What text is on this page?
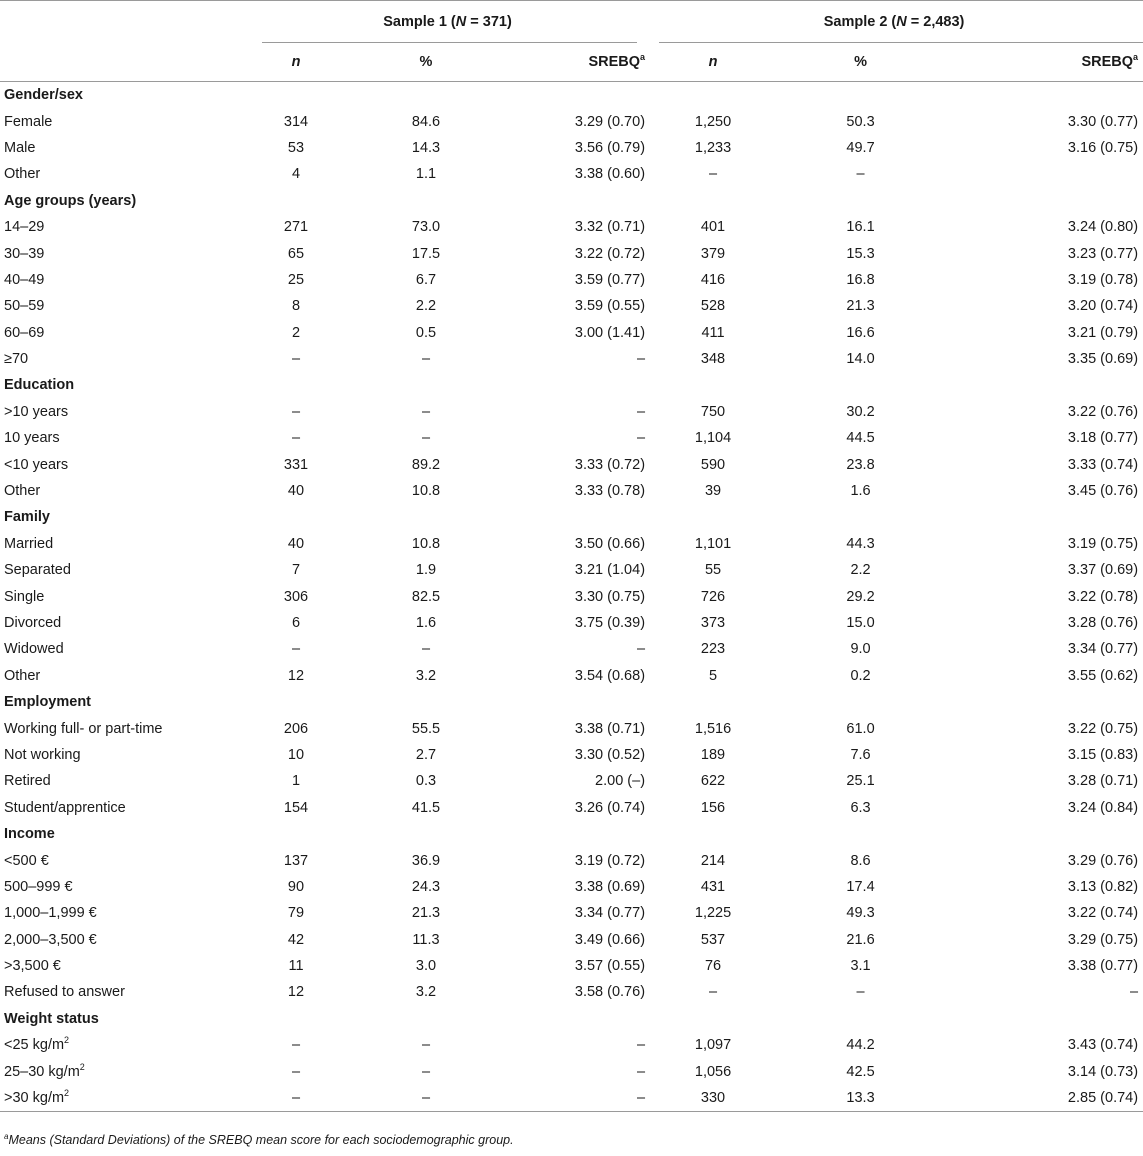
	Sample 1 (N = 371)			Sample 2 (N = 2,483)		
	n	%	SREBQ$^a$	n	%	SREBQ$^a$
Gender/sex						
Female	314	84.6	3.29 (0.70)	1,250	50.3	3.30 (0.77)
Male	53	14.3	3.56 (0.79)	1,233	49.7	3.16 (0.75)
Other	4	1.1	3.38 (0.60)	–	–	
Age groups (years)						
14–29	271	73.0	3.32 (0.71)	401	16.1	3.24 (0.80)
30–39	65	17.5	3.22 (0.72)	379	15.3	3.23 (0.77)
40–49	25	6.7	3.59 (0.77)	416	16.8	3.19 (0.78)
50–59	8	2.2	3.59 (0.55)	528	21.3	3.20 (0.74)
60–69	2	0.5	3.00 (1.41)	411	16.6	3.21 (0.79)
≥70	–	–	–	348	14.0	3.35 (0.69)
Education						
>10 years	–	–	–	750	30.2	3.22 (0.76)
10 years	–	–	–	1,104	44.5	3.18 (0.77)
<10 years	331	89.2	3.33 (0.72)	590	23.8	3.33 (0.74)
Other	40	10.8	3.33 (0.78)	39	1.6	3.45 (0.76)
Family						
Married	40	10.8	3.50 (0.66)	1,101	44.3	3.19 (0.75)
Separated	7	1.9	3.21 (1.04)	55	2.2	3.37 (0.69)
Single	306	82.5	3.30 (0.75)	726	29.2	3.22 (0.78)
Divorced	6	1.6	3.75 (0.39)	373	15.0	3.28 (0.76)
Widowed	–	–	–	223	9.0	3.34 (0.77)
Other	12	3.2	3.54 (0.68)	5	0.2	3.55 (0.62)
Employment						
Working full- or part-time	206	55.5	3.38 (0.71)	1,516	61.0	3.22 (0.75)
Not working	10	2.7	3.30 (0.52)	189	7.6	3.15 (0.83)
Retired	1	0.3	2.00 (–)	622	25.1	3.28 (0.71)
Student/apprentice	154	41.5	3.26 (0.74)	156	6.3	3.24 (0.84)
Income						
<500 €	137	36.9	3.19 (0.72)	214	8.6	3.29 (0.76)
500–999 €	90	24.3	3.38 (0.69)	431	17.4	3.13 (0.82)
1,000–1,999 €	79	21.3	3.34 (0.77)	1,225	49.3	3.22 (0.74)
2,000–3,500 €	42	11.3	3.49 (0.66)	537	21.6	3.29 (0.75)
>3,500 €	11	3.0	3.57 (0.55)	76	3.1	3.38 (0.77)
Refused to answer	12	3.2	3.58 (0.76)	–	–	–
Weight status						
<25 $kg/m^2$	–	–	–	1,097	44.2	3.43 (0.74)
25–30 $kg/m^2$	–	–	–	1,056	42.5	3.14 (0.73)
>30 $kg/m^2$	–	–	–	330	13.3	2.85 (0.74)
$^a$Means (Standard Deviations) of the SREBQ mean score for each sociodemographic group.
